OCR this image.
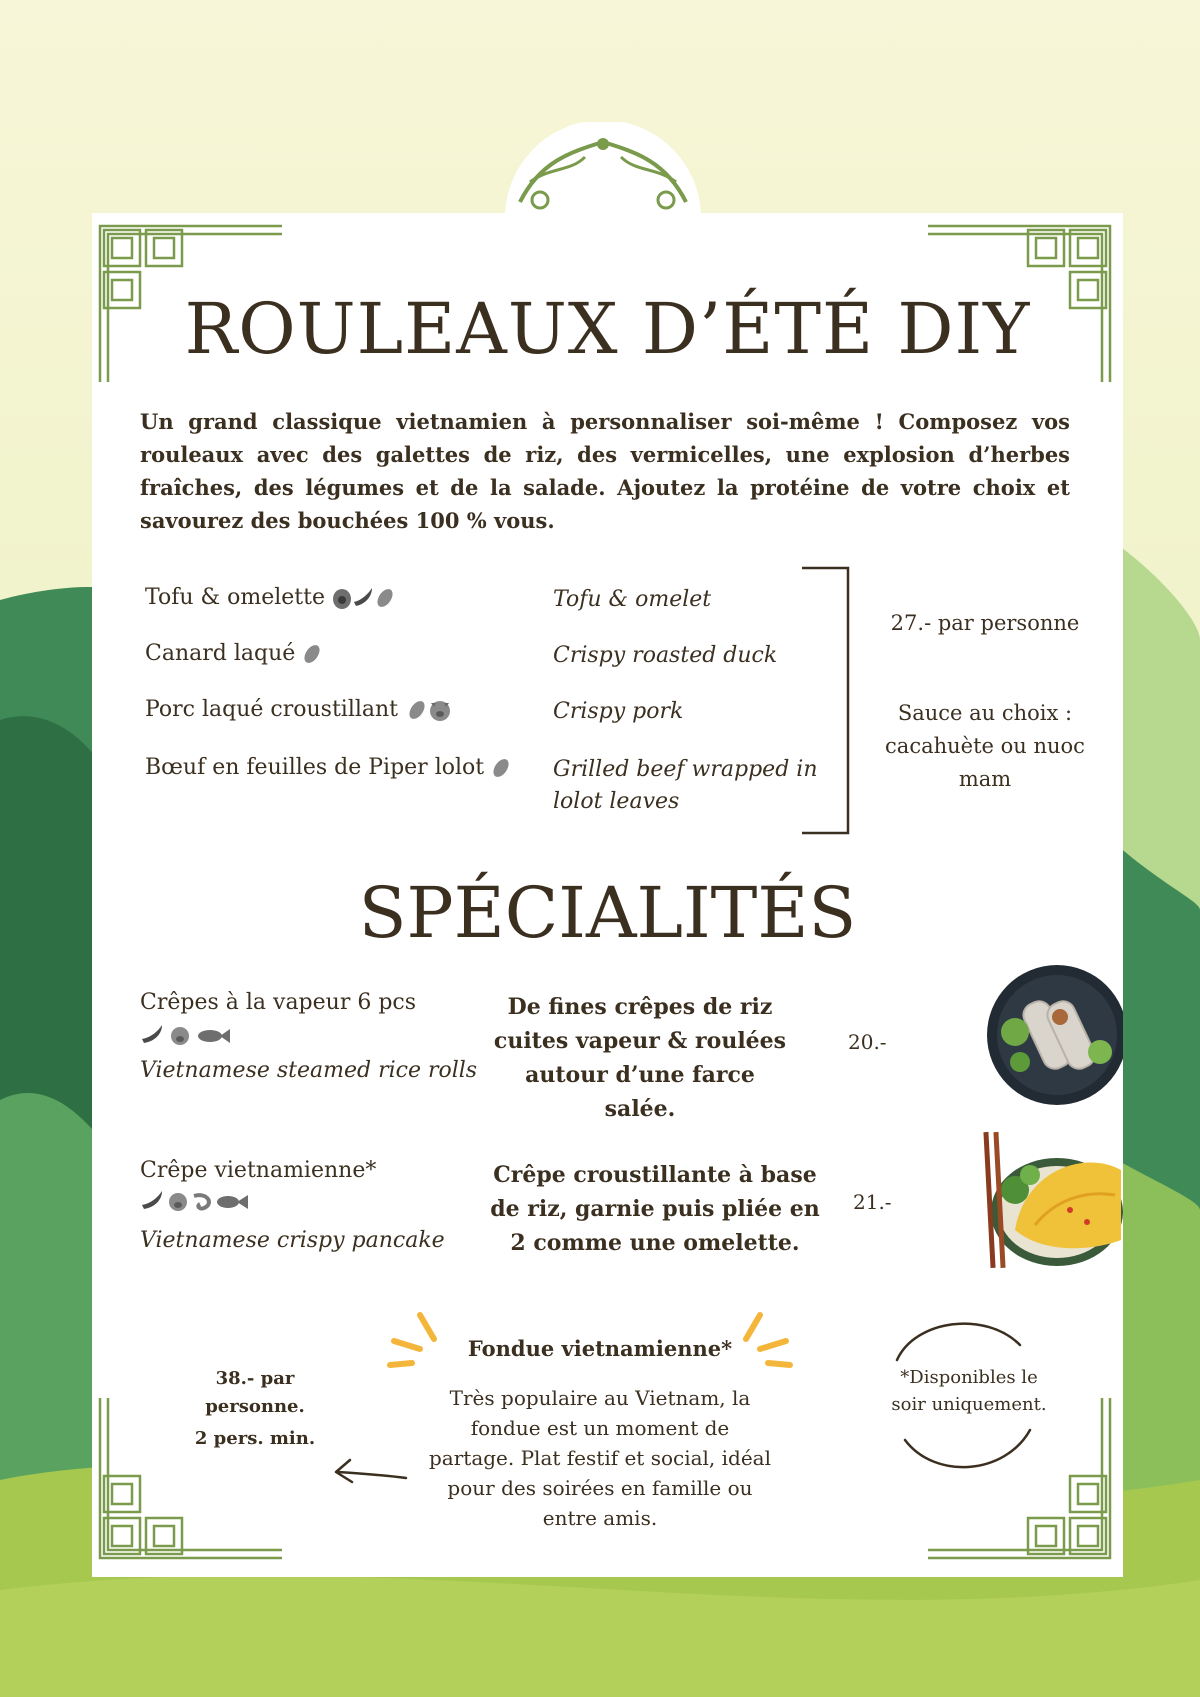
ROULEAUX D’ÉTÉ DIY

Un grand classique vietnamien à personnaliser soi-même ! Composez vos rouleaux avec des galettes de riz, des vermicelles, une explosion d’herbes fraîches, des légumes et de la salade. Ajoutez la protéine de votre choix et savourez des bouchées 100 % vous.

Tofu & omelette	Tofu & omelet
Canard laqué	Crispy roasted duck
Porc laqué croustillant	Crispy pork
Bœuf en feuilles de Piper lolot	Grilled beef wrapped in lolot leaves
27.- par personne
Sauce au choix : cacahuète ou nuoc mam
SPÉCIALITÉS
Crêpes à la vapeur 6 pcs
Vietnamese steamed rice rolls
De fines crêpes de riz cuites vapeur & roulées autour d’une farce salée.
20.-
Crêpe vietnamienne*
Vietnamese crispy pancake
Crêpe croustillante à base de riz, garnie puis pliée en 2 comme une omelette.
21.-
Fondue vietnamienne*
Très populaire au Vietnam, la fondue est un moment de partage. Plat festif et social, idéal pour des soirées en famille ou entre amis.
38.- par
personne.
2 pers. min.
*Disponibles le soir uniquement.
